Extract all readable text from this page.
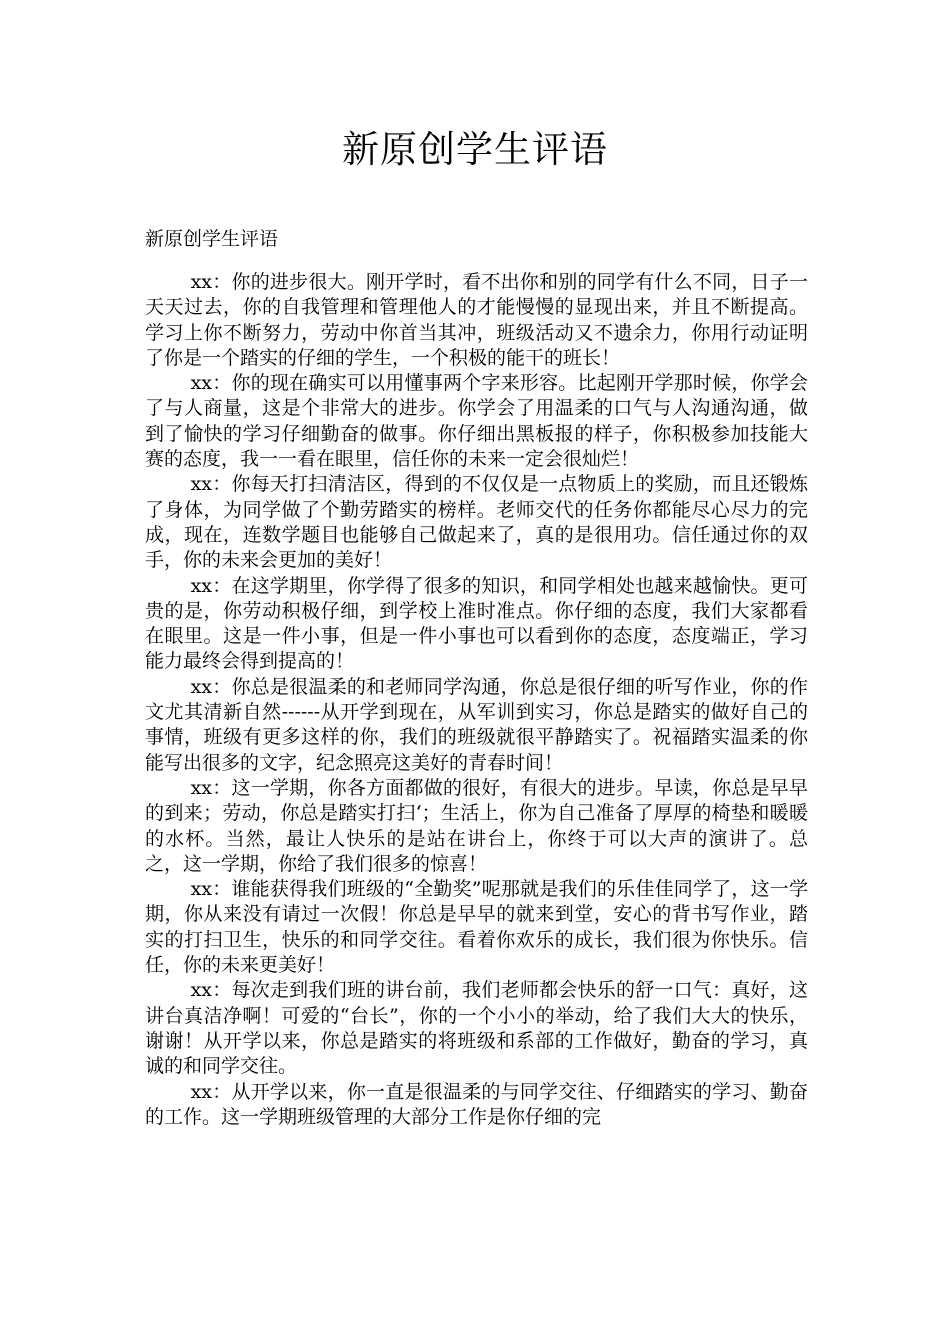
新原创学生评语
新原创学生评语

xx：你的进步很大。刚开学时，看不出你和别的同学有什么不同，日子一天天过去，你的自我管理和管理他人的才能慢慢的显现出来，并且不断提高。学习上你不断努力，劳动中你首当其冲，班级活动又不遗余力，你用行动证明了你是一个踏实的仔细的学生，一个积极的能干的班长！

xx：你的现在确实可以用懂事两个字来形容。比起刚开学那时候，你学会了与人商量，这是个非常大的进步。你学会了用温柔的口气与人沟通沟通，做到了愉快的学习仔细勤奋的做事。你仔细出黑板报的样子，你积极参加技能大赛的态度，我一一看在眼里，信任你的未来一定会很灿烂！

xx：你每天打扫清洁区，得到的不仅仅是一点物质上的奖励，而且还锻炼了身体，为同学做了个勤劳踏实的榜样。老师交代的任务你都能尽心尽力的完成，现在，连数学题目也能够自己做起来了，真的是很用功。信任通过你的双手，你的未来会更加的美好！

xx：在这学期里，你学得了很多的知识，和同学相处也越来越愉快。更可贵的是，你劳动积极仔细，到学校上准时准点。你仔细的态度，我们大家都看在眼里。这是一件小事，但是一件小事也可以看到你的态度，态度端正，学习能力最终会得到提高的！

xx：你总是很温柔的和老师同学沟通，你总是很仔细的听写作业，你的作文尤其清新自然------从开学到现在，从军训到实习，你总是踏实的做好自己的事情，班级有更多这样的你，我们的班级就很平静踏实了。祝福踏实温柔的你能写出很多的文字，纪念照亮这美好的青春时间！

xx：这一学期，你各方面都做的很好，有很大的进步。早读，你总是早早的到来；劳动，你总是踏实打扫‘；生活上，你为自己准备了厚厚的椅垫和暖暖的水杯。当然，最让人快乐的是站在讲台上，你终于可以大声的演讲了。总之，这一学期，你给了我们很多的惊喜！

xx：谁能获得我们班级的“全勤奖”呢那就是我们的乐佳佳同学了，这一学期，你从来没有请过一次假！你总是早早的就来到堂，安心的背书写作业，踏实的打扫卫生，快乐的和同学交往。看着你欢乐的成长，我们很为你快乐。信任，你的未来更美好！

xx：每次走到我们班的讲台前，我们老师都会快乐的舒一口气：真好，这讲台真洁净啊！可爱的“台长”，你的一个小小的举动，给了我们大大的快乐，谢谢！从开学以来，你总是踏实的将班级和系部的工作做好，勤奋的学习，真诚的和同学交往。

xx：从开学以来，你一直是很温柔的与同学交往、仔细踏实的学习、勤奋的工作。这一学期班级管理的大部分工作是你仔细的完
